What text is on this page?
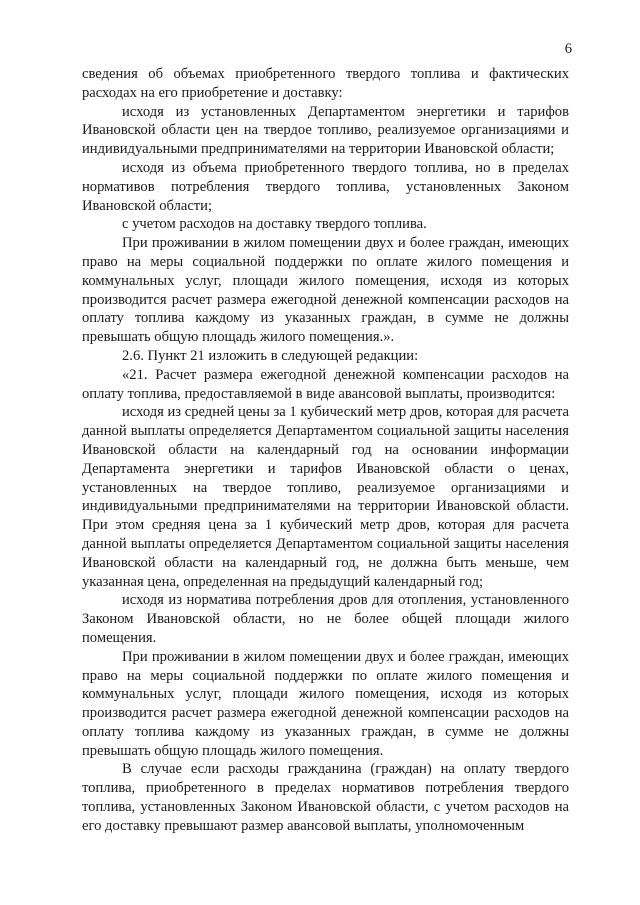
6

сведения об объемах приобретенного твердого топлива и фактических расходах на его приобретение и доставку:

исходя из установленных Департаментом энергетики и тарифов Ивановской области цен на твердое топливо, реализуемое организациями и индивидуальными предпринимателями на территории Ивановской области;

исходя из объема приобретенного твердого топлива, но в пределах нормативов потребления твердого топлива, установленных Законом Ивановской области;

с учетом расходов на доставку твердого топлива.

При проживании в жилом помещении двух и более граждан, имеющих право на меры социальной поддержки по оплате жилого помещения и коммунальных услуг, площади жилого помещения, исходя из которых производится расчет размера ежегодной денежной компенсации расходов на оплату топлива каждому из указанных граждан, в сумме не должны превышать общую площадь жилого помещения.».

2.6. Пункт 21 изложить в следующей редакции:

«21. Расчет размера ежегодной денежной компенсации расходов на оплату топлива, предоставляемой в виде авансовой выплаты, производится:

исходя из средней цены за 1 кубический метр дров, которая для расчета данной выплаты определяется Департаментом социальной защиты населения Ивановской области на календарный год на основании информации Департамента энергетики и тарифов Ивановской области о ценах, установленных на твердое топливо, реализуемое организациями и индивидуальными предпринимателями на территории Ивановской области. При этом средняя цена за 1 кубический метр дров, которая для расчета данной выплаты определяется Департаментом социальной защиты населения Ивановской области на календарный год, не должна быть меньше, чем указанная цена, определенная на предыдущий календарный год;

исходя из норматива потребления дров для отопления, установленного Законом Ивановской области, но не более общей площади жилого помещения.

При проживании в жилом помещении двух и более граждан, имеющих право на меры социальной поддержки по оплате жилого помещения и коммунальных услуг, площади жилого помещения, исходя из которых производится расчет размера ежегодной денежной компенсации расходов на оплату топлива каждому из указанных граждан, в сумме не должны превышать общую площадь жилого помещения.

В случае если расходы гражданина (граждан) на оплату твердого топлива, приобретенного в пределах нормативов потребления твердого топлива, установленных Законом Ивановской области, с учетом расходов на его доставку превышают размер авансовой выплаты, уполномоченным
